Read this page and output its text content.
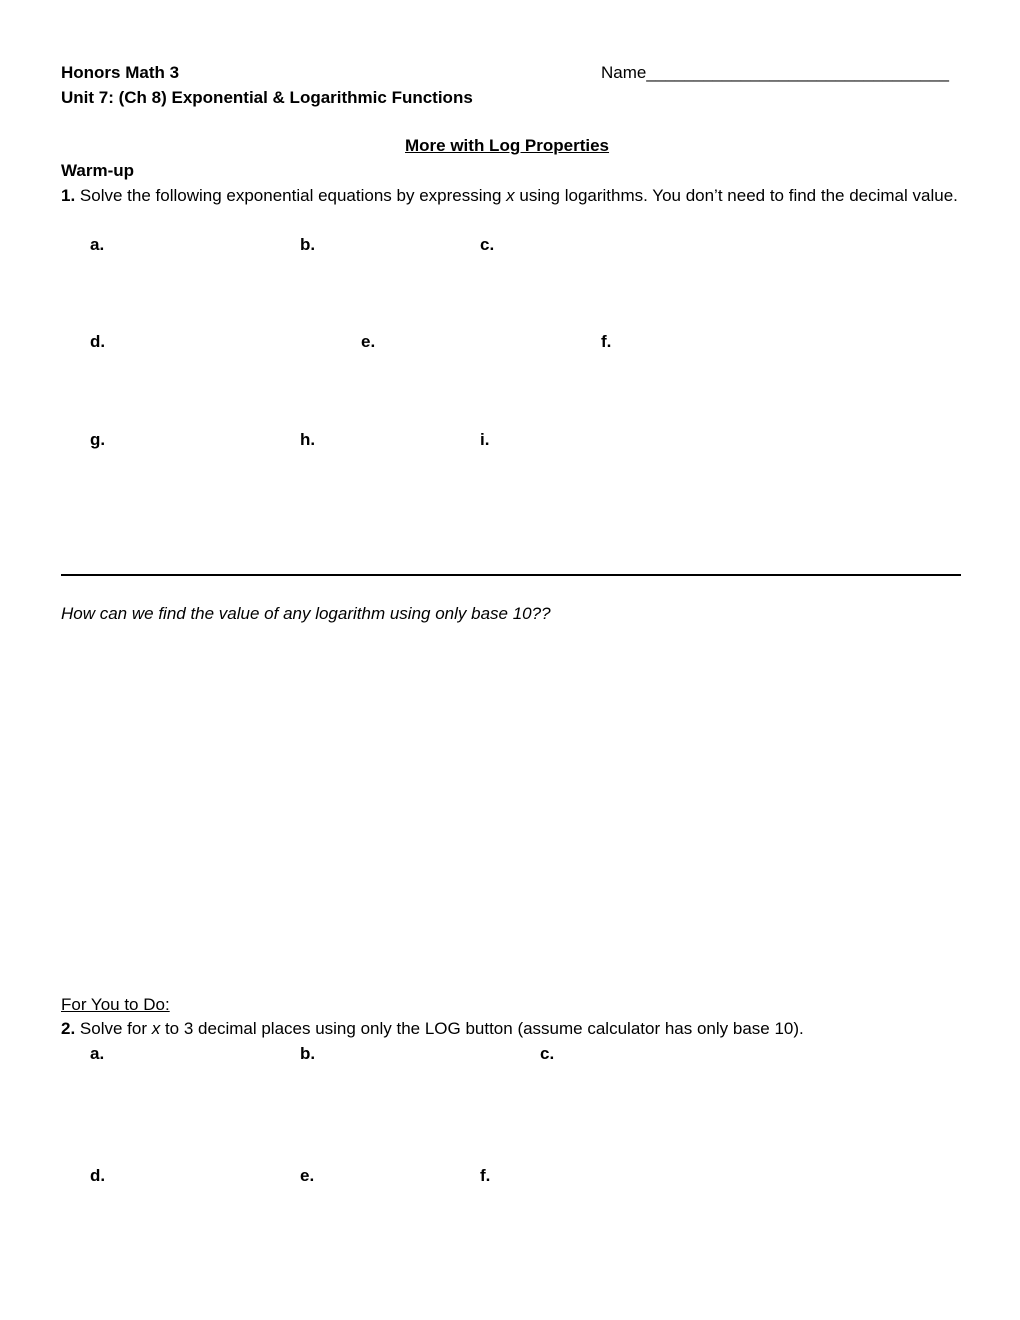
Honors Math 3	Name________________________________
Unit 7: (Ch 8) Exponential & Logarithmic Functions
More with Log Properties
Warm-up
1. Solve the following exponential equations by expressing x using logarithms. You don’t need to find the decimal value.
a.	b.	c.
d.	e.	f.
g.	h.	i.
How can we find the value of any logarithm using only base 10??
For You to Do:
2. Solve for x to 3 decimal places using only the LOG button (assume calculator has only base 10).
a.	b.	c.
d.	e.	f.
